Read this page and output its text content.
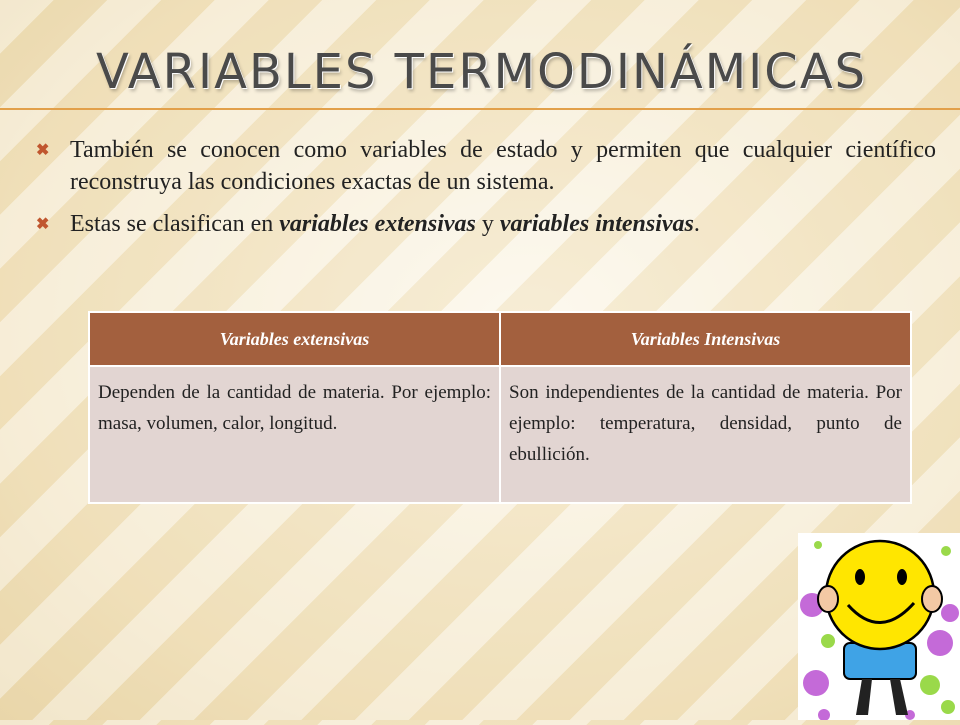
VARIABLES TERMODINÁMICAS
✖ También se conocen como variables de estado y permiten que cualquier científico reconstruya las condiciones exactas de un sistema.
✖ Estas se clasifican en variables extensivas y variables intensivas.
Variables extensivas	Variables Intensivas
Dependen de la cantidad de materia. Por ejemplo: masa, volumen, calor, longitud.	Son independientes de la cantidad de materia. Por ejemplo: temperatura, densidad, punto de ebullición.
